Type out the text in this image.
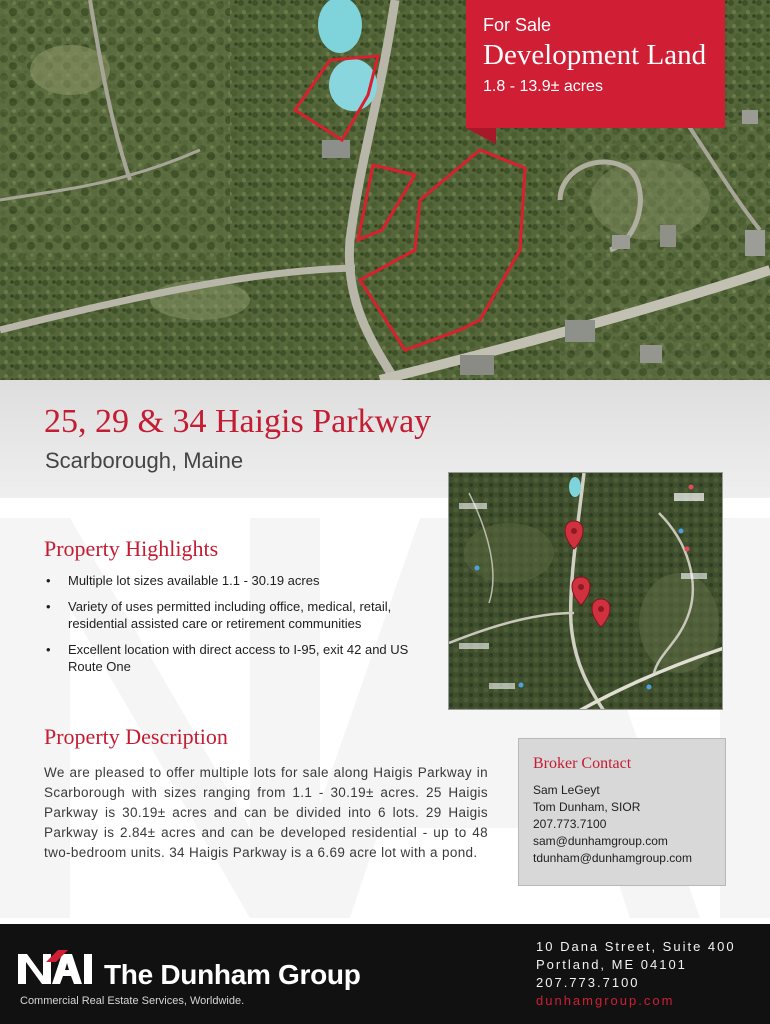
For Sale
Development Land
1.8 - 13.9± acres
25, 29 & 34 Haigis Parkway
Scarborough, Maine
Property Highlights
• Multiple lot sizes available 1.1 - 30.19 acres
• Variety of uses permitted including office, medical, retail, residential assisted care or retirement communities
• Excellent location with direct access to I-95, exit 42 and US Route One
Property Description

We are pleased to offer multiple lots for sale along Haigis Parkway in Scarborough with sizes ranging from 1.1 - 30.19± acres. 25 Haigis Parkway is 30.19± acres and can be divided into 6 lots. 29 Haigis Parkway is 2.84± acres and can be developed residential - up to 48 two-bedroom units. 34 Haigis Parkway is a 6.69 acre lot with a pond.

Broker Contact
Sam LeGeyt
Tom Dunham, SIOR
207.773.7100
sam@dunhamgroup.com
tdunham@dunhamgroup.com
The Dunham Group
Commercial Real Estate Services, Worldwide.
10 Dana Street, Suite 400
Portland, ME 04101
207.773.7100
dunhamgroup.com
